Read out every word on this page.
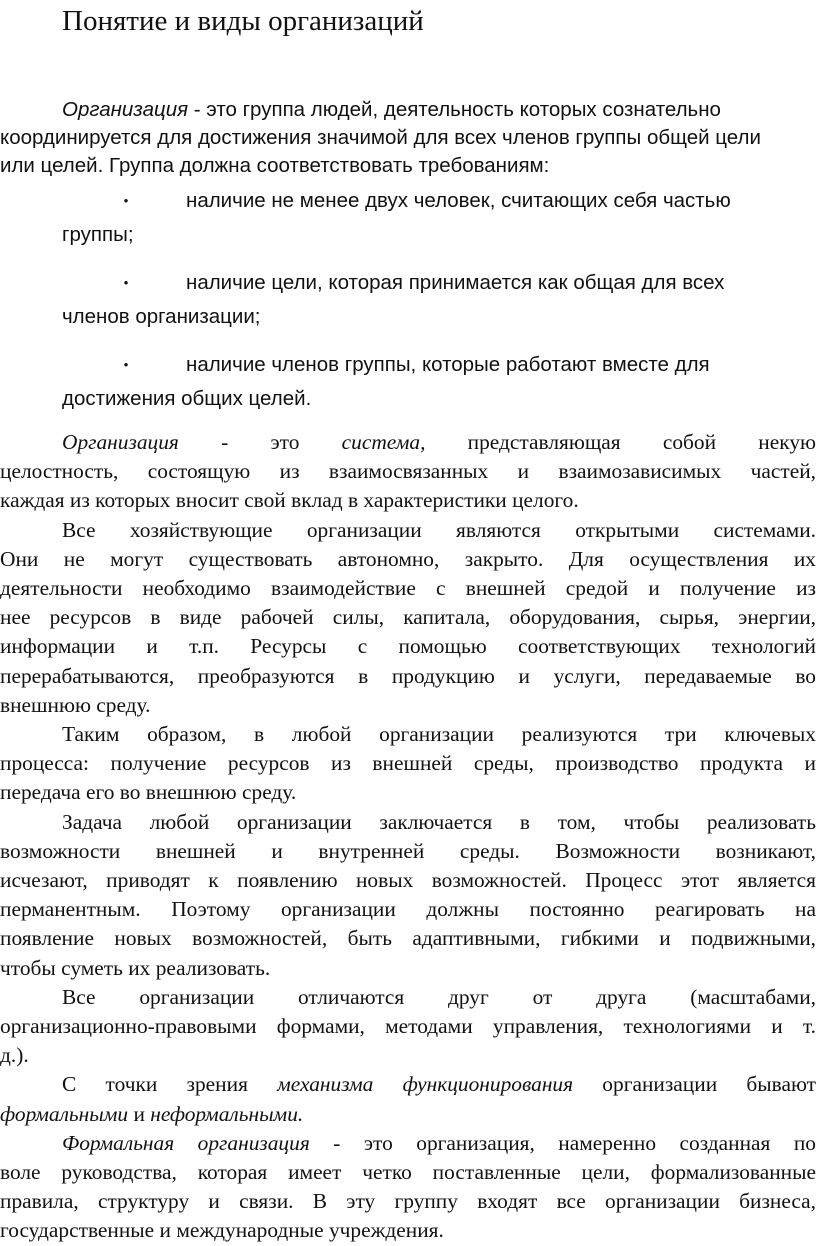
Понятие и виды организаций

Организация - это группа людей, деятельность которых сознательно
координируется для достижения значимой для всех членов группы общей цели
или целей. Группа должна соответствовать требованиям:

•	наличие не менее двух человек, считающих себя частью
группы;
•	наличие цели, которая принимается как общая для всех
членов организации;
•	наличие членов группы, которые работают вместе для
достижения общих целей.

Организация - это система, представляющая собой некую
целостность, состоящую из взаимосвязанных и взаимозависимых частей,
каждая из которых вносит свой вклад в характеристики целого.

Все хозяйствующие организации являются открытыми системами.
Они не могут существовать автономно, закрыто. Для осуществления их
деятельности необходимо взаимодействие с внешней средой и получение из
нее ресурсов в виде рабочей силы, капитала, оборудования, сырья, энергии,
информации и т.п. Ресурсы с помощью соответствующих технологий
перерабатываются, преобразуются в продукцию и услуги, передаваемые во
внешнюю среду.

Таким образом, в любой организации реализуются три ключевых
процесса: получение ресурсов из внешней среды, производство продукта и
передача его во внешнюю среду.

Задача любой организации заключается в том, чтобы реализовать
возможности внешней и внутренней среды. Возможности возникают,
исчезают, приводят к появлению новых возможностей. Процесс этот является
перманентным. Поэтому организации должны постоянно реагировать на
появление новых возможностей, быть адаптивными, гибкими и подвижными,
чтобы суметь их реализовать.

Все организации отличаются друг от друга (масштабами,
организационно-правовыми формами, методами управления, технологиями и т.
д.).

С точки зрения механизма функционирования организации бывают
формальными и неформальными.

Формальная организация - это организация, намеренно созданная по
воле руководства, которая имеет четко поставленные цели, формализованные
правила, структуру и связи. В эту группу входят все организации бизнеса,
государственные и международные учреждения.
